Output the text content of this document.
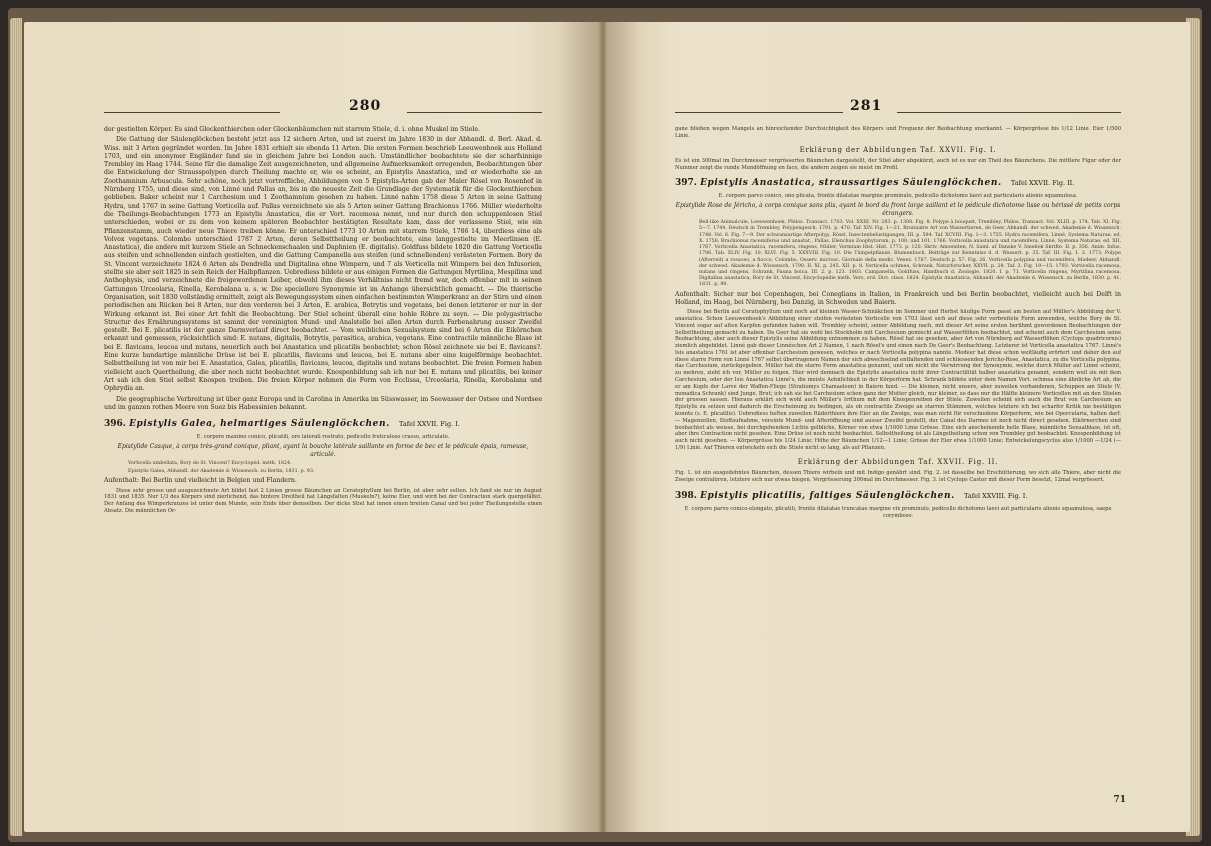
280

der gestielten Körper. Es sind Glockenthierchen oder Glockenbäumchen mit starrem Stiele, d. i. ohne Muskel im Stiele.

Die Gattung der Säulenglöckchen besteht jetzt aus 12 sichern Arten, und ist zuerst im Jahre 1830 in der Abhandl. d. Berl. Akad. d. Wiss. mit 3 Arten gegründet worden. Im Jahre 1831 erhielt sie ebenda 11 Arten. Die ersten Formen beschrieb Leeuwenhoek aus Holland 1703, und ein anonymer Engländer fand sie in gleichem Jahre bei London auch. Umständlicher beobachtete sie der scharfsinnige Trembley im Haag 1744. Seine für die damalige Zeit ausgezeichneten, und allgemeine Aufmerksamkeit erregenden, Beobachtungen über die Entwickelung der Strausspolypen durch Theilung machte er, wie es scheint, an Epistylis Anastatica, und er wiederholte sie an Zoothamnium Arbuscula. Sehr schöne, noch jetzt vortreffliche, Abbildungen von 5 Epistylis-Arten gab der Maler Rösel von Rosenhof in Nürnberg 1755, und diese sind, von Linné und Pallas an, bis in die neueste Zeit die Grundlage der Systematik für die Glockenthierchen geblieben. Baker scheint nur 1 Carchesium und 1 Zoothamnium gesehen zu haben. Linné nahm 1758 diese 5 Arten in seine Gattung Hydra, und 1767 in seine Gattung Vorticella auf. Pallas verzeichnete sie als 5 Arten seiner Gattung Brachionus 1766. Müller wiederholte die Theilungs-Beobachtungen 1773 an Epistylis Anastatica, die er Vort. racemosa nennt, und nur durch den schuppenlosen Stiel unterschieden, wobei er zu dem von keinem späteren Beobachter bestätigten Resultate kam, dass der verlassene Stiel, wie ein Pflanzenstamm, auch wieder neue Thiere treiben könne. Er unterschied 1773 10 Arten mit starrem Stiele, 1786 14, überdiess eine als Volvox vegetans. Colombo unterschied 1787 2 Arten, deren Selbsttheilung er beobachtete, eine langgestielte im Meerlinsen (E. Anastatica), die andere mit kurzem Stiele an Schneckenschaalen und Daphnien (E. digitalis). Goldfuss bildete 1820 die Gattung Vorticella aus steifen und schnellenden einfach gestielten, und die Gattung Campanella aus steifen (und schnellenden) verästeten Formen. Bory de St. Vincent verzeichnete 1824 6 Arten als Dendrella und Digitalina ohne Wimpern, und 7 als Vorticella mit Wimpern bei den Infusorien, stellte sie aber seit 1825 in sein Reich der Halbpflanzen. Uebrediess bildete er aus einigen Formen die Gattungen Myrtilina, Mespilina und Anthophysis, und verzeichnete die freigewordenen Leiber, obwohl ihm dieses Verhältniss nicht fremd war, doch offenbar mit in seinen Gattungen Urceolaria, Rinella, Kerobalana u. s. w. Die speciellere Synonymie ist im Anhange übersichtlich gemacht. — Die thierische Organisation, seit 1830 vollständig ermittelt, zeigt als Bewegungssystem einen einfachen bestimmten Wimperkranz an der Stirn und einen periodischen am Rücken bei 8 Arten, nur den vorderen bei 3 Arten, E. arabica, Botrytis und vegetans, bei denen letzterer er nur in der Wirkung erkannt ist. Bei einer Art fehlt die Beobachtung. Der Stiel scheint überall eine hohle Röhre zu seyn. — Die polygastrische Structur des Ernährungssystems ist sammt der vereinigten Mund- und Analstelle bei allen Arten durch Farbenahrung ausser Zweifel gestellt. Bei E. plicatilis ist der ganze Darmverlauf direct beobachtet. — Vom weiblichen Sexualsystem sind bei 6 Arten die Eikörnchen erkannt und gemessen, rücksichtlich sind: E. nutans, digitalis, Botrytis, parasitica, arabica, vegetans. Eine contractile männliche Blase ist bei E. flavicans, leucoa und nutans, neuerlich auch bei Anastatica und plicatilis beobachtet; schon Rösel zeichnete sie bei E. flavicans?. Eine kurze bandartige männliche Drüse ist bei E. plicatilis, flavicans und leucoa, bei E. nutans aber eine kugelförmige beobachtet. Selbsttheilung ist von mir bei E. Anastatica, Galea, plicatilis, flavicans, leucoa, digitalis und nutans beobachtet. Die freien Formen haben vielleicht auch Quertheilung, die aber noch nicht beobachtet wurde. Knospenbildung sah ich nur bei E. nutans und plicatilis, bei keiner Art sah ich den Stiel selbst Knospen treiben. Die freien Körper nehmen die Form von Ecclissa, Urceolaria, Rinella, Kerobalana und Ophrydia an.

Die geographische Verbreitung ist über ganz Europa und in Carolina in Amerika im Süsswasser, im Seewasser der Ostsee und Nordsee und im ganzen rothen Meere von Suez bis Habessinien bekannt.

396. Epistylis Galea, helmartiges Säulenglöckchen. Tafel XXVII. Fig. I.

E. corpore maximo conico, plicatili, ore laterali rostrato, pedicello fruticuloso crasso, articulato.

Epistylide Casque, à corps très-grand conique, pliant, ayant la bouche latérale saillante en forme de bec et le pédicule épais, rameuse, articulé.

Vorticella umbellata, Bory de St. Vincent? Encyclopéd. méth. 1824.

Epistylis Galea, Abhandl. der Akademie d. Wissensch. zu Berlin, 1831. p. 93.

Aufenthalt: Bei Berlin und vielleicht in Belgien und Flandern.

Diese sehr grosse und ausgezeichnete Art bildet fast 2 Linien grosse Bäumchen an Ceratophyllum bei Berlin, ist aber sehr selten. Ich fand sie nur im August 1831 und 1835. Nur 1/3 des Körpers sind zierlichend, das hintere Dreitheil hat Längsfalten (Muskeln?), keine Eier, und wird bei der Contraction stark quergefältet. Der Anfang des Wimperkranzes ist unter dem Munde, sein Ende über demselben. Der dicke Stiel hat innen einen breiten Canal und bei jeder Theilungsstelle einen Absatz. Die männlichen Or-

281

gane blieben wegen Mangels an hinreichender Durchsichtigkeit des Körpers und Frequenz der Beobachtung unerkannt. — Körpergrösse bis 1/12 Linie. Eier 1/500 Linie.

Erklärung der Abbildungen Taf. XXVII. Fig. I.

Es ist ein 300mal im Durchmesser vergrössertes Bäumchen dargestellt, der Stiel aber abgekürzt, auch ist es nur ein Theil des Bäumchens. Die mittlere Figur oder der Nummer zeigt die runde Mundöffnung en face, die andern zeigen sie meist im Profil.

397. Epistylis Anastatica, straussartiges Säulenglöckchen. Tafel XXVII. Fig. II.

E. corpore parvo conico, uno plicata, frontis dilatatae margine prominulo, pedicello dichotomo laevi aut particularis alienis squamulosa.

Epistylide Rose de Jéricho, à corps conique sans plis, ayant le bord du front large saillant et le pédicule dichotome lisse ou hérissé de petits corps étrangers.

Bell-like Animalcule, Leeuwenhoek, Philos. Transact. 1703. Vol. XXIII. Nr. 283. p. 1308. Fig. 8. Polype à bouquet, Trembley, Philos. Transact. Vol. XLIII. p. 174. Tab. XI. Fig. 5—7. 1744. Deutsch in Trembley, Polypengesch. 1791. p. 470. Taf. XIV. Fig. 1—21. Brunnatre Art von Wassertieren, de Geer, Abhandl. der schwed. Akademie d. Wissensch. 1748. Vol. 6. Fig. 7—9. Der schwanzartige Afterpolyp, Rösel, Insectenbelustigungen, III. p. 594. Taf. XCVIII. Fig. 1—3. 1755. Hydra racemifera, Linné, Systema Naturae, ed. X. 1758. Brachionus racemiferus und anastat., Pallas, Elenchus Zoophytorum, p. 100. und 101. 1766. Vorticella anastatica und racemifera, Linné, Systema Naturae, ed. XII. 1767. Vorticella Anastatica, racemifera, ringens, Müller, Vermium Hist. Hist. 1773. p. 120. Skriv. Amoeniten, N. Saml. af Danske V. Smeliok Skrifte. II. p. 356. Anim. Infus. 1786. Tab. XLIV. Fig. 10. XLVI. Fig. 5. XXXVIII. Fig. 10. Die Tümpelpflanze, Blumenbuch, Beiträge zur Kenntniss d. d. Wassert. p. 35. Taf. III. Fig. 1. 2. 1773. Polype (Afterreit) a rosaceo, a fiocco, Colombo, Osserv. microsc. Giornale della medic. Venez. 1787. Deutsch p. 57. Fig. 26. Vorticella polypina und racemifera, Modeer, Abhandl. der schwed. Akademie d. Wissensch. 1790. II. XI. p. 245. XII. p. 8. Vorticella ochmea, Schrank, Naturforscher, XXVII. p. 28. Taf. 3. Fig. 10—15. 1793. Vorticella racemosa, nutans und ringens, Schrank, Fauna boica, III. 2. p. 123. 1803. Campanella, Goldfuss, Handbuch d. Zoologie, 1820. I. p. 71. Vorticella ringens, Myrtilina racemosa, Digitalina anastatica, Bory de St. Vincent, Encyclopédie méth. Vers, ord. Dict. class. 1824. Epistylis Anastatica, Abhandl. der Akademie d. Wissensch. zu Berlin, 1830. p. 41. 1831. p. 90.

Aufenthalt: Sicher nur bei Copenhagen, bei Coneglians in Italien, in Frankreich und bei Berlin beobachtet, vielleicht auch bei Delft in Holland, im Haag, bei Nürnberg, bei Danzig, in Schweden und Baiern.

Diese bei Berlin auf Ceratophyllum und noch auf kleinen Wasser-Schnäkchen im Sommer und Herbst häufige Form passt am besten auf Müller's Abbildung der V. anastatica. Schon Leeuwenhoek's Abbildung einer steifen verästeten Vorticelle von 1703 lässt sich auf diese sehr verbreitete Form anwenden, welche Bory de St. Vincent sogar auf alten Karpfen gefunden haben will. Trembley scheint, seiner Abbildung nach, mit dieser Art seine ersten berühmt gewordenen Beobachtungen der Selbsttheilung gemacht zu haben. De Geer hat sie wohl bei Stockholm mit Carchesium gemischt auf Wasserflöhen beobachtet, und scheint auch dem Carchesium seine Beobachtung, aber auch dieser Epistylis seine Abbildung entnommen zu haben. Rösel hat sie gesehen, aber Art von Nürnberg auf Wasserflöhen (Cyclops quadricornis) ziemlich abgebildet. Linné gab dieser Linnéschen Art 2 Namen, 1 nach Rösel's und einen nach De Geer's Beobachtung. Letzterer ist Vorticella anastatica 1767. Linné's Isis anastatica 1761 ist aber offenbar Carchesium gewesen, welches er nach Vorticella polypina nannte. Modeer hat diese schon weitläufig erörtert und daher den auf diese starre Form von Linné 1767 selbst übertragenen Namen der sich abwechselnd entfaltenden und schliessenden Jericho-Rose, Anastatica, zu die Vorticella polypina, das Carchesium, zurückgegeben. Müller hat die starre Form anastatica genannt, und um nicht die Verwirrung der Synonymie, welche durch Müller auf Linné scheint, zu mehren, zieht ich vor, Müller zu folgen. Hier wird demnach die Epistylis anastatica nicht ihrer Contractilität halber anastatica genannt, sondern weil sie mit dem Carchesium, oder der Isis Anastatica Linné's, die meiste Aehnlichkeit in der Körperform hat. Schrank bildete unter dem Namen Vort. ochmea eine ähnliche Art ab, die er am Kopfe der Larve der Waffen-Fliege (Stratiomys Chamaeleon) in Baiern fand. — Die kleinen, nicht unsere, aber zuweilen vorhandenen, Schuppen am Stiele (V. monadica Schrank) sind Junge, Brut; ich sah sie bei Carchesium schon ganz der Mutter gleich, nur kleiner, so dass nur die Hälfte kleinere Vorticellen mit an den Stielen der grossen sassen. Hieraus erklärt sich wohl auch Müller's Irrthum mit dem Knospenreiben der Stiele. Zuweilen scheint sich auch die Brut von Carchesium an Epistylis zu setzen und dadurch die Erscheinung zu bedingen, als ob contractile Zweige an starren Stämmen, welches letztere ich bei scharfer Kritik nie bestätigen konnte (s. E. plicatilis). Uebrediess heften zuweilen Räderthiere ihre Eier an die Zweige, was man nicht für verschiedene Körperform, wie bei Opercularia, halten darf. — Magenzellen, Stoffaufnahme, vereinte Mund- und Afteröffnung sind ausser Zweifel gestellt, der Canal des Darmes ist noch nicht direct gesehen. Eikörnerchen sind beobachtet als weisse, bei durchgehendem Lichte gelbliche, Körner von etwa 1/1000 Linie Grösse. Eine sich anscheinende helle Blase, männliche Sexualblase, ist oft, aber ihre Contraction nicht gesehen. Eine Drüse ist noch nicht beobachtet. Selbsttheilung ist als Längstheilung schon von Trembley gut beobachtet. Knospenbildung ist auch nicht gesehen. — Körpergrösse bis 1/24 Linie; Höhe der Bäumchen 1/12—1 Linie; Grösse der Eier etwa 1/1000 Linie; Entwickelungscyclus also 1/1000 —1/24 (—1/9) Linie. Auf Thieren entwickeln sich die Stiele nicht so lang, als auf Pflanzen.

Erklärung der Abbildungen Taf. XXVII. Fig. II.

Fig. 1. ist ein ausgedehntes Bäumchen, dessen Thiere wirbeln und mit Indigo genährt sind. Fig. 2. ist dasselbe bei Erschütterung, wo sich alle Thiere, aber nicht die Zweige contrahiren, letztere sich nur etwas biegen. Vergrösserung 300mal im Durchmesser. Fig. 3. ist Cyclops Castor mit dieser Form besetzt, 12mal vergrössert.

398. Epistylis plicatilis, faltiges Säulenglöckchen. Tafel XXVIII. Fig. I.

E. corpore parvo conico-elongato, plicatili, frontis dilatatae truncatae margine vix prominulo, pedicello dichotomo laevi aut particularis alienis squamulosa, saepe corymboso.

71
